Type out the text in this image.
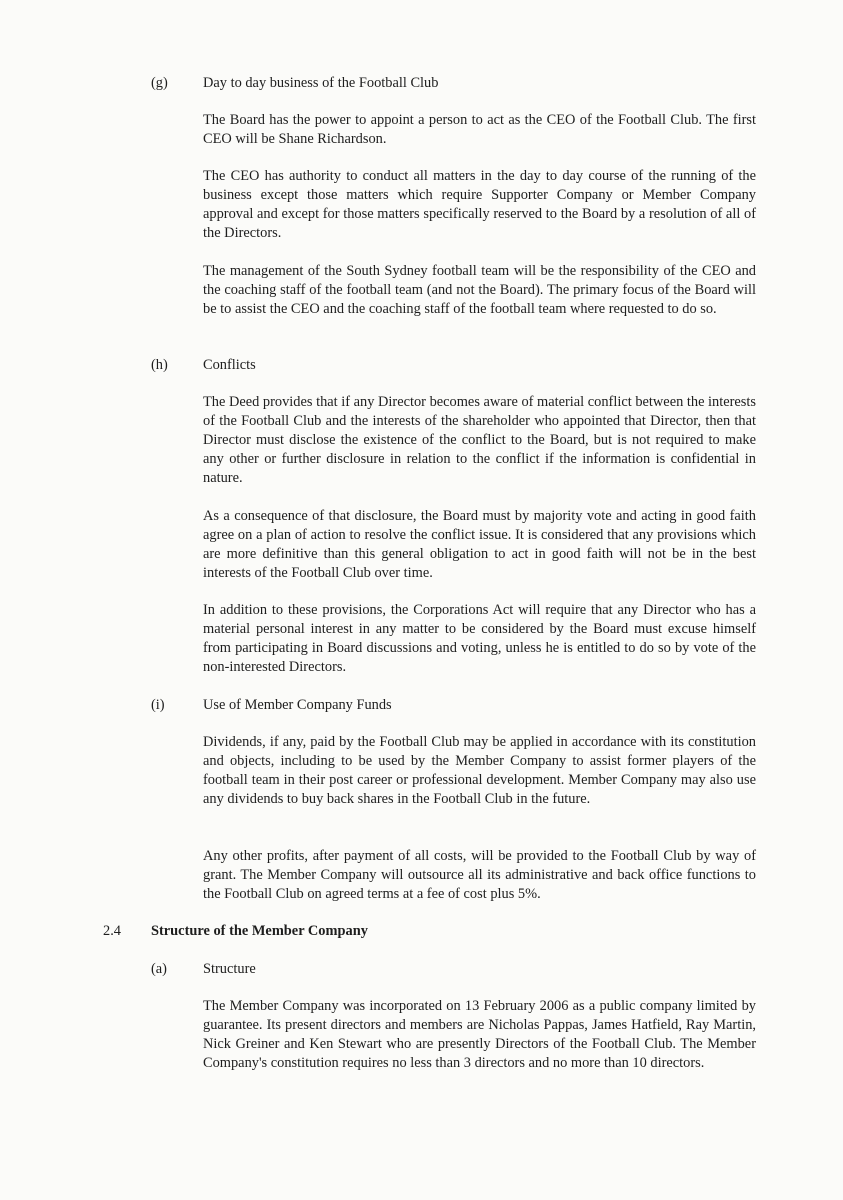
(g) Day to day business of the Football Club

The Board has the power to appoint a person to act as the CEO of the Football Club. The first CEO will be Shane Richardson.

The CEO has authority to conduct all matters in the day to day course of the running of the business except those matters which require Supporter Company or Member Company approval and except for those matters specifically reserved to the Board by a resolution of all of the Directors.

The management of the South Sydney football team will be the responsibility of the CEO and the coaching staff of the football team (and not the Board). The primary focus of the Board will be to assist the CEO and the coaching staff of the football team where requested to do so.

(h) Conflicts

The Deed provides that if any Director becomes aware of material conflict between the interests of the Football Club and the interests of the shareholder who appointed that Director, then that Director must disclose the existence of the conflict to the Board, but is not required to make any other or further disclosure in relation to the conflict if the information is confidential in nature.

As a consequence of that disclosure, the Board must by majority vote and acting in good faith agree on a plan of action to resolve the conflict issue. It is considered that any provisions which are more definitive than this general obligation to act in good faith will not be in the best interests of the Football Club over time.

In addition to these provisions, the Corporations Act will require that any Director who has a material personal interest in any matter to be considered by the Board must excuse himself from participating in Board discussions and voting, unless he is entitled to do so by vote of the non-interested Directors.

(i)	Use of Member Company Funds

Dividends, if any, paid by the Football Club may be applied in accordance with its constitution and objects, including to be used by the Member Company to assist former players of the football team in their post career or professional development. Member Company may also use any dividends to buy back shares in the Football Club in the future.

Any other profits, after payment of all costs, will be provided to the Football Club by way of grant. The Member Company will outsource all its administrative and back office functions to the Football Club on agreed terms at a fee of cost plus 5%.

2.4 Structure of the Member Company
(a)	Structure

The Member Company was incorporated on 13 February 2006 as a public company limited by guarantee. Its present directors and members are Nicholas Pappas, James Hatfield, Ray Martin, Nick Greiner and Ken Stewart who are presently Directors of the Football Club. The Member Company's constitution requires no less than 3 directors and no more than 10 directors.
